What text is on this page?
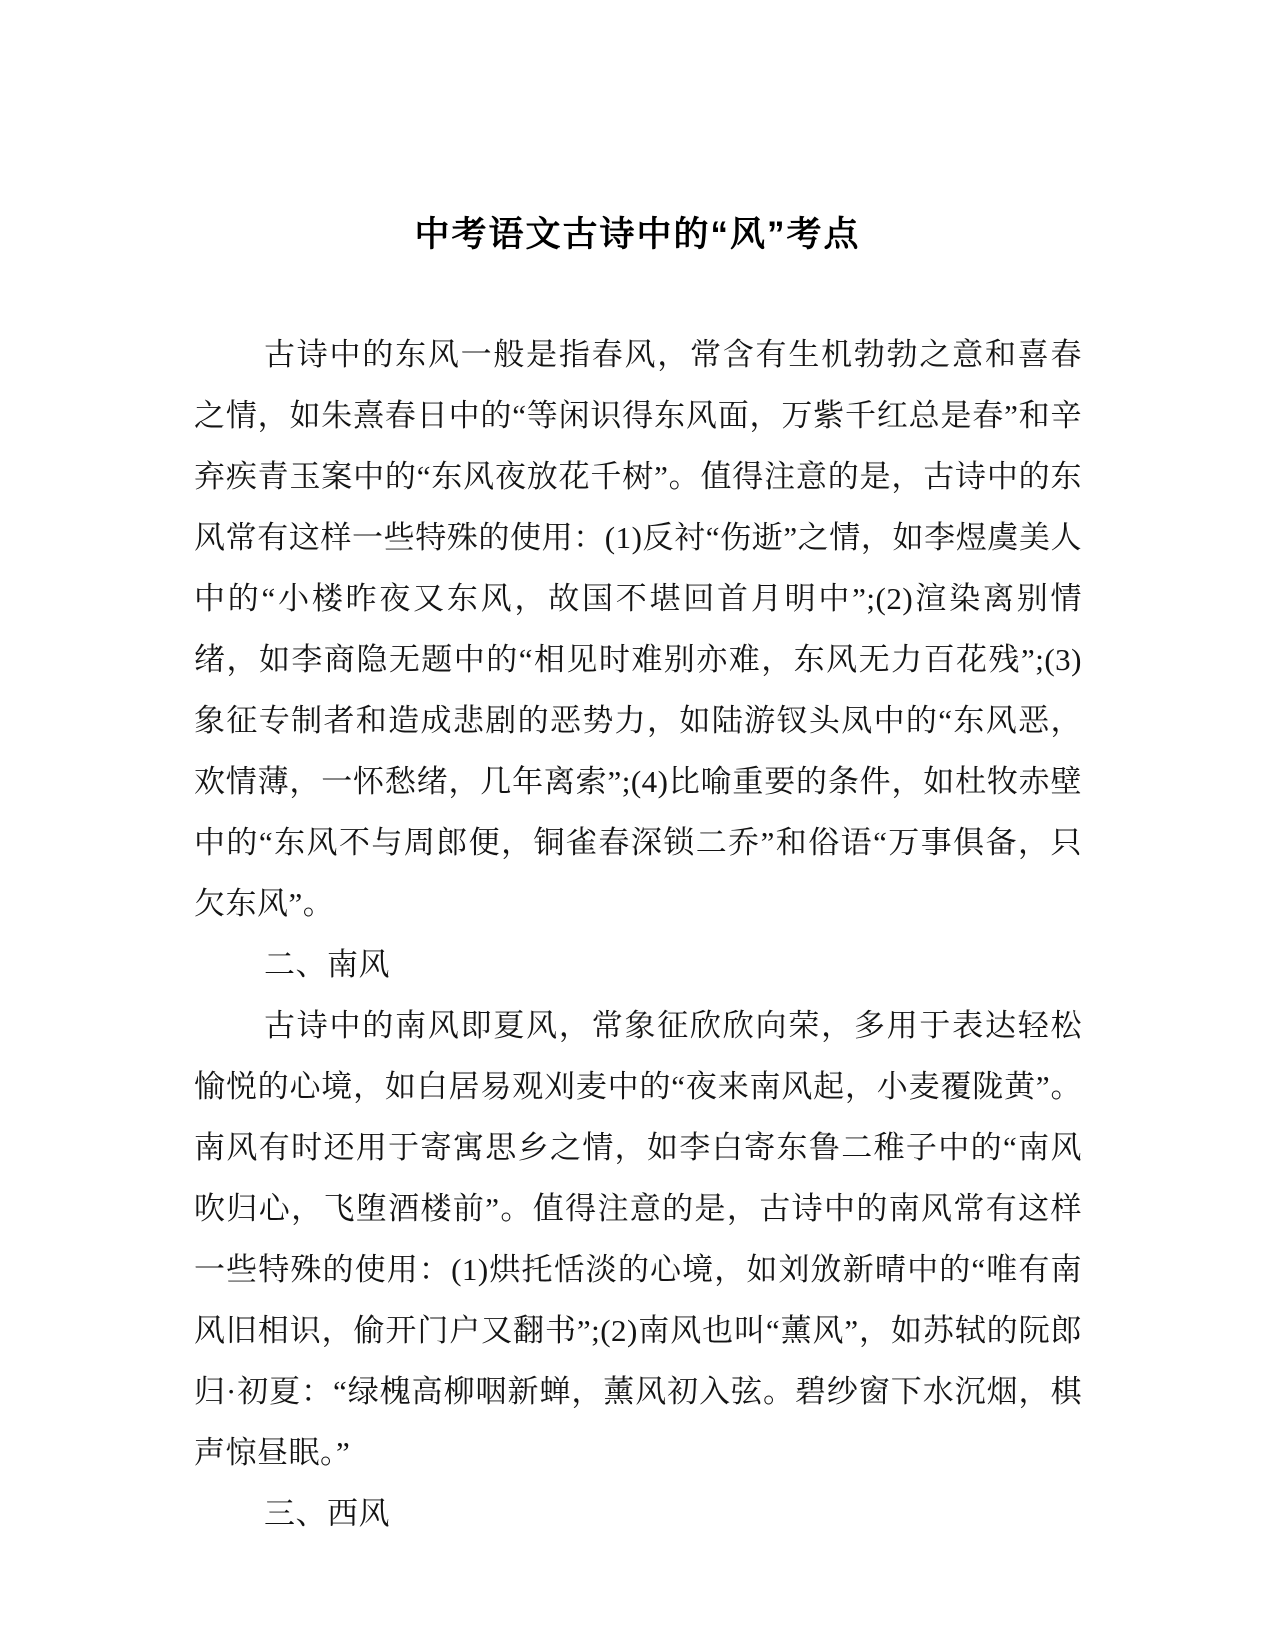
中考语文古诗中的“风”考点

古诗中的东风一般是指春风，常含有生机勃勃之意和喜春之情，如朱熹春日中的“等闲识得东风面，万紫千红总是春”和辛弃疾青玉案中的“东风夜放花千树”。值得注意的是，古诗中的东风常有这样一些特殊的使用：(1)反衬“伤逝”之情，如李煜虞美人中的“小楼昨夜又东风，故国不堪回首月明中”;(2)渲染离别情绪，如李商隐无题中的“相见时难别亦难，东风无力百花残”;(3)象征专制者和造成悲剧的恶势力，如陆游钗头凤中的“东风恶，欢情薄，一怀愁绪，几年离索”;(4)比喻重要的条件，如杜牧赤壁中的“东风不与周郎便，铜雀春深锁二乔”和俗语“万事俱备，只欠东风”。

二、南风

古诗中的南风即夏风，常象征欣欣向荣，多用于表达轻松愉悦的心境，如白居易观刈麦中的“夜来南风起，小麦覆陇黄”。南风有时还用于寄寓思乡之情，如李白寄东鲁二稚子中的“南风吹归心，飞堕酒楼前”。值得注意的是，古诗中的南风常有这样一些特殊的使用：(1)烘托恬淡的心境，如刘攽新晴中的“唯有南风旧相识，偷开门户又翻书”;(2)南风也叫“薰风”，如苏轼的阮郎归·初夏：“绿槐高柳咽新蝉，薰风初入弦。碧纱窗下水沉烟，棋声惊昼眠。”

三、西风
